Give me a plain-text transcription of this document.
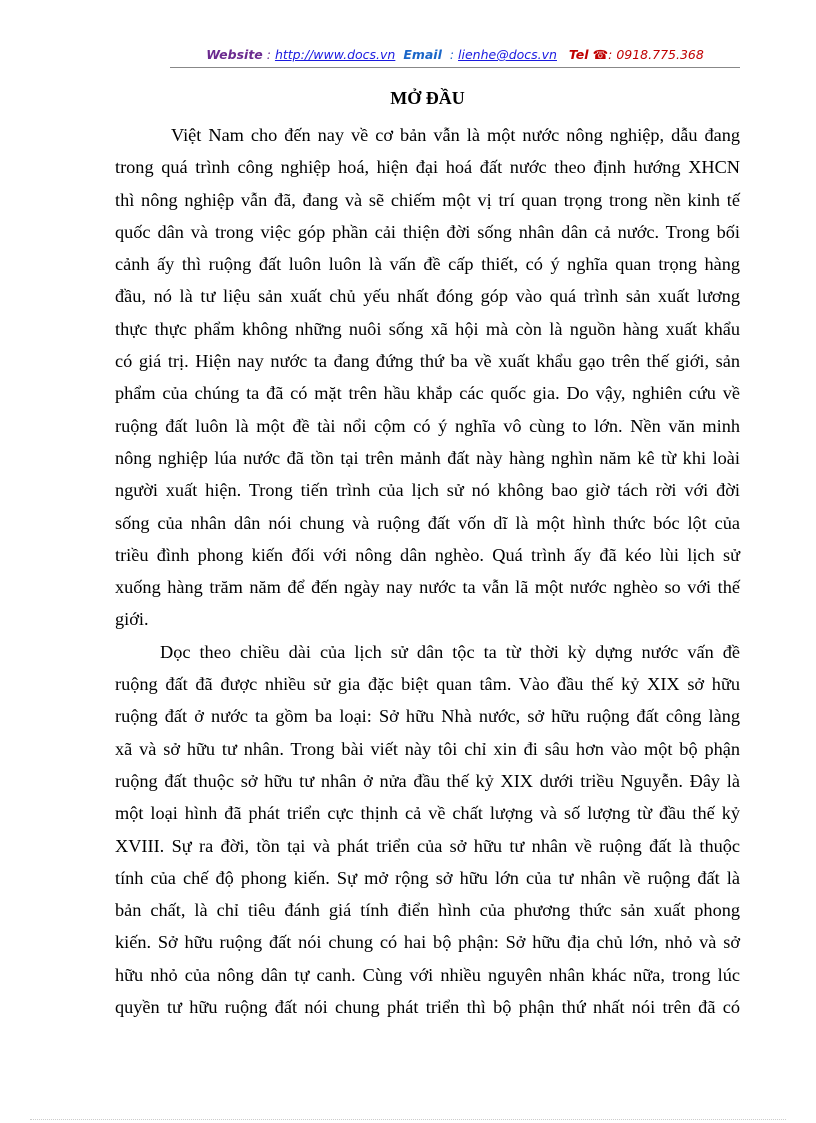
Website : http://www.docs.vn Email  : lienhe@docs.vn Tel ☎: 0918.775.368
MỞ ĐẦU
Việt Nam cho đến nay về cơ bản vẫn là một nước nông nghiệp, dẫu đang
trong quá trình công nghiệp hoá, hiện đại hoá đất nước theo định hướng XHCN
thì nông nghiệp vẫn đã, đang và sẽ chiếm một vị trí quan trọng trong nền kinh tế
quốc dân và trong việc góp phần cải thiện đời sống nhân dân cả nước. Trong bối
cảnh ấy thì ruộng đất luôn luôn là vấn đề cấp thiết, có ý nghĩa quan trọng hàng
đầu, nó là tư liệu sản xuất chủ yếu nhất đóng góp vào quá trình sản xuất lương
thực thực phẩm không những nuôi sống xã hội mà còn là nguồn hàng xuất khẩu
có giá trị. Hiện nay nước ta đang đứng thứ ba về xuất khẩu gạo trên thế giới, sản
phẩm của chúng ta đã có mặt trên hầu khắp các quốc gia. Do vậy, nghiên cứu về
ruộng đất luôn là một đề tài nổi cộm có ý nghĩa vô cùng to lớn. Nền văn minh
nông nghiệp lúa nước đã tồn tại trên mảnh đất này hàng nghìn năm kê từ khi loài
người xuất hiện. Trong tiến trình của lịch sử nó không bao giờ tách rời với đời
sống của nhân dân nói chung và ruộng đất vốn dĩ là một hình thức bóc lột của
triều đình phong kiến đối với nông dân nghèo. Quá trình ấy đã kéo lùi lịch sử
xuống hàng trăm năm để đến ngày nay nước ta vẫn lã một nước nghèo so với thế
giới.
Dọc theo chiều dài của lịch sử dân tộc ta từ thời kỳ dựng nước vấn đề
ruộng đất đã được nhiều sử gia đặc biệt quan tâm. Vào đầu thế kỷ XIX sở hữu
ruộng đất ở nước ta gồm ba loại: Sở hữu Nhà nước, sở hữu ruộng đất công làng
xã và sở hữu tư nhân. Trong bài viết này tôi chỉ xin đi sâu hơn vào một bộ phận
ruộng đất thuộc sở hữu tư nhân ở nửa đầu thế kỷ XIX dưới triều Nguyễn. Đây là
một loại hình đã phát triển cực thịnh cả về chất lượng và số lượng từ đầu thế kỷ
XVIII. Sự ra đời, tồn tại và phát triển của sở hữu tư nhân về ruộng đất là thuộc
tính của chế độ phong kiến. Sự mở rộng sở hữu lớn của tư nhân về ruộng đất là
bản chất, là chỉ tiêu đánh giá tính điển hình của phương thức sản xuất phong
kiến. Sở hữu ruộng đất nói chung có hai bộ phận: Sở hữu địa chủ lớn, nhỏ và sở
hữu nhỏ của nông dân tự canh. Cùng với nhiều nguyên nhân khác nữa, trong lúc
quyền tư hữu ruộng đất nói chung phát triển thì bộ phận thứ nhất nói trên đã có
